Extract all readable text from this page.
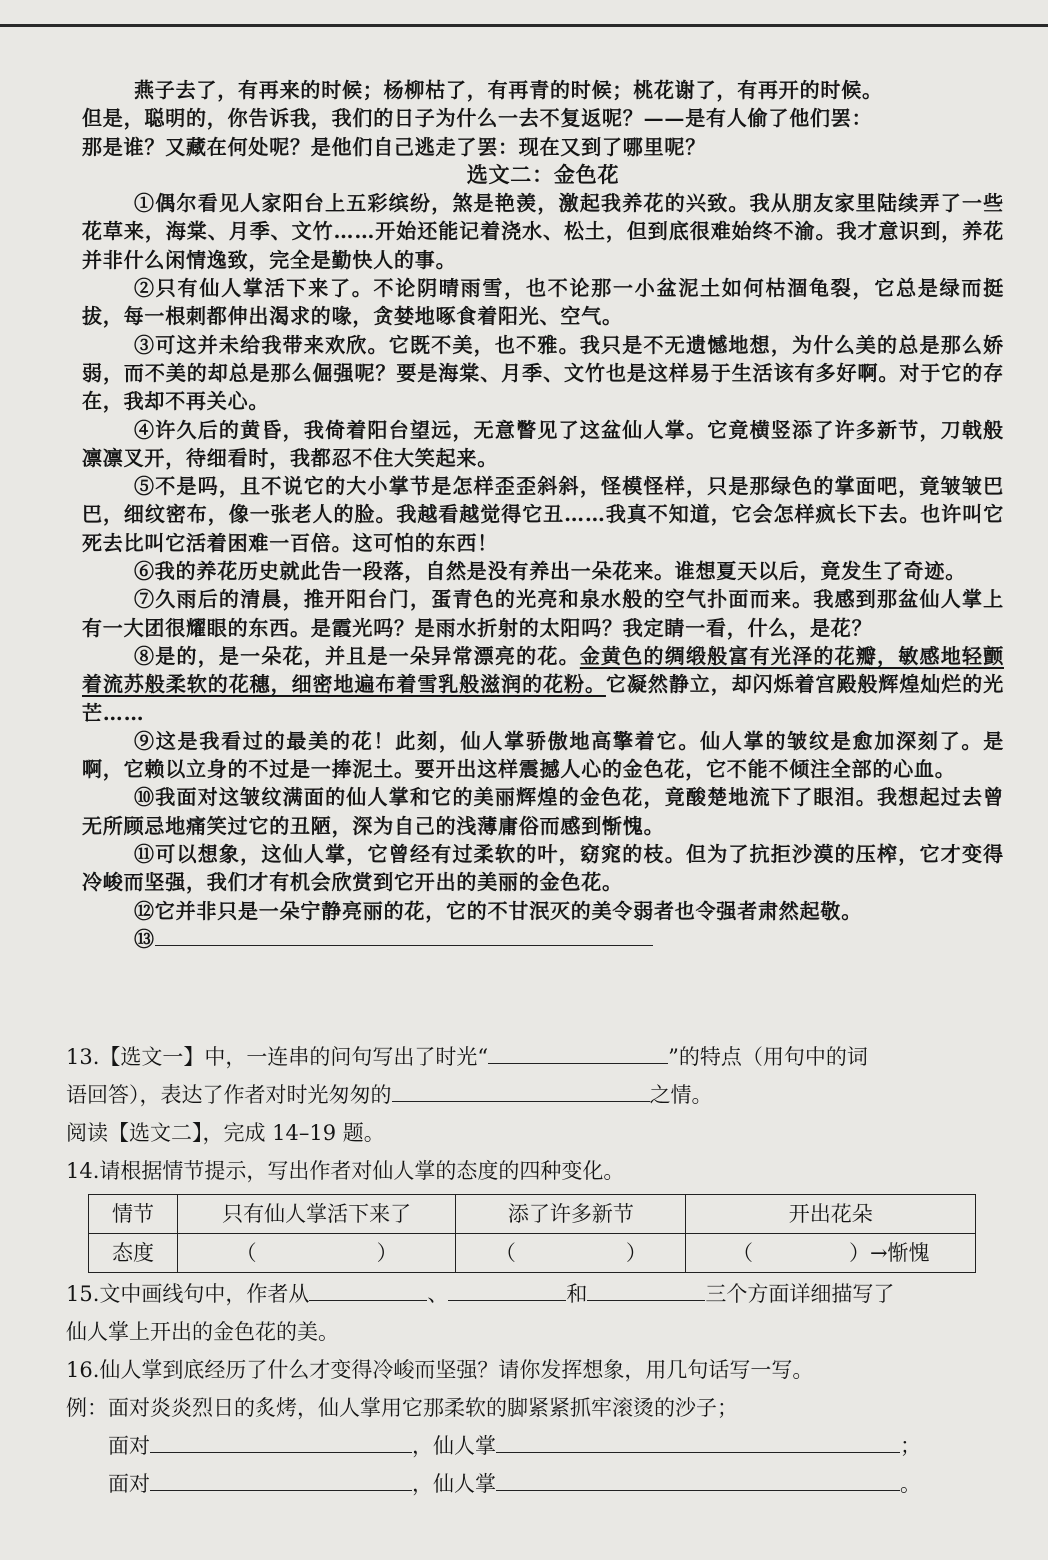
燕子去了，有再来的时候；杨柳枯了，有再青的时候；桃花谢了，有再开的时候。

但是，聪明的，你告诉我，我们的日子为什么一去不复返呢？——是有人偷了他们罢：

那是谁？又藏在何处呢？是他们自己逃走了罢：现在又到了哪里呢？

选文二：金色花

①偶尔看见人家阳台上五彩缤纷，煞是艳羡，激起我养花的兴致。我从朋友家里陆续弄了一些花草来，海棠、月季、文竹……开始还能记着浇水、松土，但到底很难始终不渝。我才意识到，养花并非什么闲情逸致，完全是勤快人的事。

②只有仙人掌活下来了。不论阴晴雨雪，也不论那一小盆泥土如何枯涸龟裂，它总是绿而挺拔，每一根刺都伸出渴求的喙，贪婪地啄食着阳光、空气。

③可这并未给我带来欢欣。它既不美，也不雅。我只是不无遗憾地想，为什么美的总是那么娇弱，而不美的却总是那么倔强呢？要是海棠、月季、文竹也是这样易于生活该有多好啊。对于它的存在，我却不再关心。

④许久后的黄昏，我倚着阳台望远，无意瞥见了这盆仙人掌。它竟横竖添了许多新节，刀戟般凛凛叉开，待细看时，我都忍不住大笑起来。

⑤不是吗，且不说它的大小掌节是怎样歪歪斜斜，怪模怪样，只是那绿色的掌面吧，竟皱皱巴巴，细纹密布，像一张老人的脸。我越看越觉得它丑……我真不知道，它会怎样疯长下去。也许叫它死去比叫它活着困难一百倍。这可怕的东西！

⑥我的养花历史就此告一段落，自然是没有养出一朵花来。谁想夏天以后，竟发生了奇迹。

⑦久雨后的清晨，推开阳台门，蛋青色的光亮和泉水般的空气扑面而来。我感到那盆仙人掌上有一大团很耀眼的东西。是霞光吗？是雨水折射的太阳吗？我定睛一看，什么，是花？

⑧是的，是一朵花，并且是一朵异常漂亮的花。金黄色的绸缎般富有光泽的花瓣，敏感地轻颤着流苏般柔软的花穗，细密地遍布着雪乳般滋润的花粉。它凝然静立，却闪烁着宫殿般辉煌灿烂的光芒……

⑨这是我看过的最美的花！此刻，仙人掌骄傲地高擎着它。仙人掌的皱纹是愈加深刻了。是啊，它赖以立身的不过是一捧泥土。要开出这样震撼人心的金色花，它不能不倾注全部的心血。

⑩我面对这皱纹满面的仙人掌和它的美丽辉煌的金色花，竟酸楚地流下了眼泪。我想起过去曾无所顾忌地痛笑过它的丑陋，深为自己的浅薄庸俗而感到惭愧。

⑪可以想象，这仙人掌，它曾经有过柔软的叶，窈窕的枝。但为了抗拒沙漠的压榨，它才变得冷峻而坚强，我们才有机会欣赏到它开出的美丽的金色花。

⑫它并非只是一朵宁静亮丽的花，它的不甘泯灭的美令弱者也令强者肃然起敬。

⑬

13.【选文一】中，一连串的问句写出了时光“	”的特点（用句中的词

语回答），表达了作者对时光匆匆的	之情。

阅读【选文二】，完成 14–19 题。

14.请根据情节提示，写出作者对仙人掌的态度的四种变化。

情节	只有仙人掌活下来了	添了许多新节	开出花朵
态度	（ ）	（ ）	（ ）→惭愧

15.文中画线句中，作者从	、	和	三个方面详细描写了

仙人掌上开出的金色花的美。

16.仙人掌到底经历了什么才变得冷峻而坚强？请你发挥想象，用几句话写一写。

例：面对炎炎烈日的炙烤，仙人掌用它那柔软的脚紧紧抓牢滚烫的沙子；

面对	，仙人掌	；

面对	，仙人掌	。
